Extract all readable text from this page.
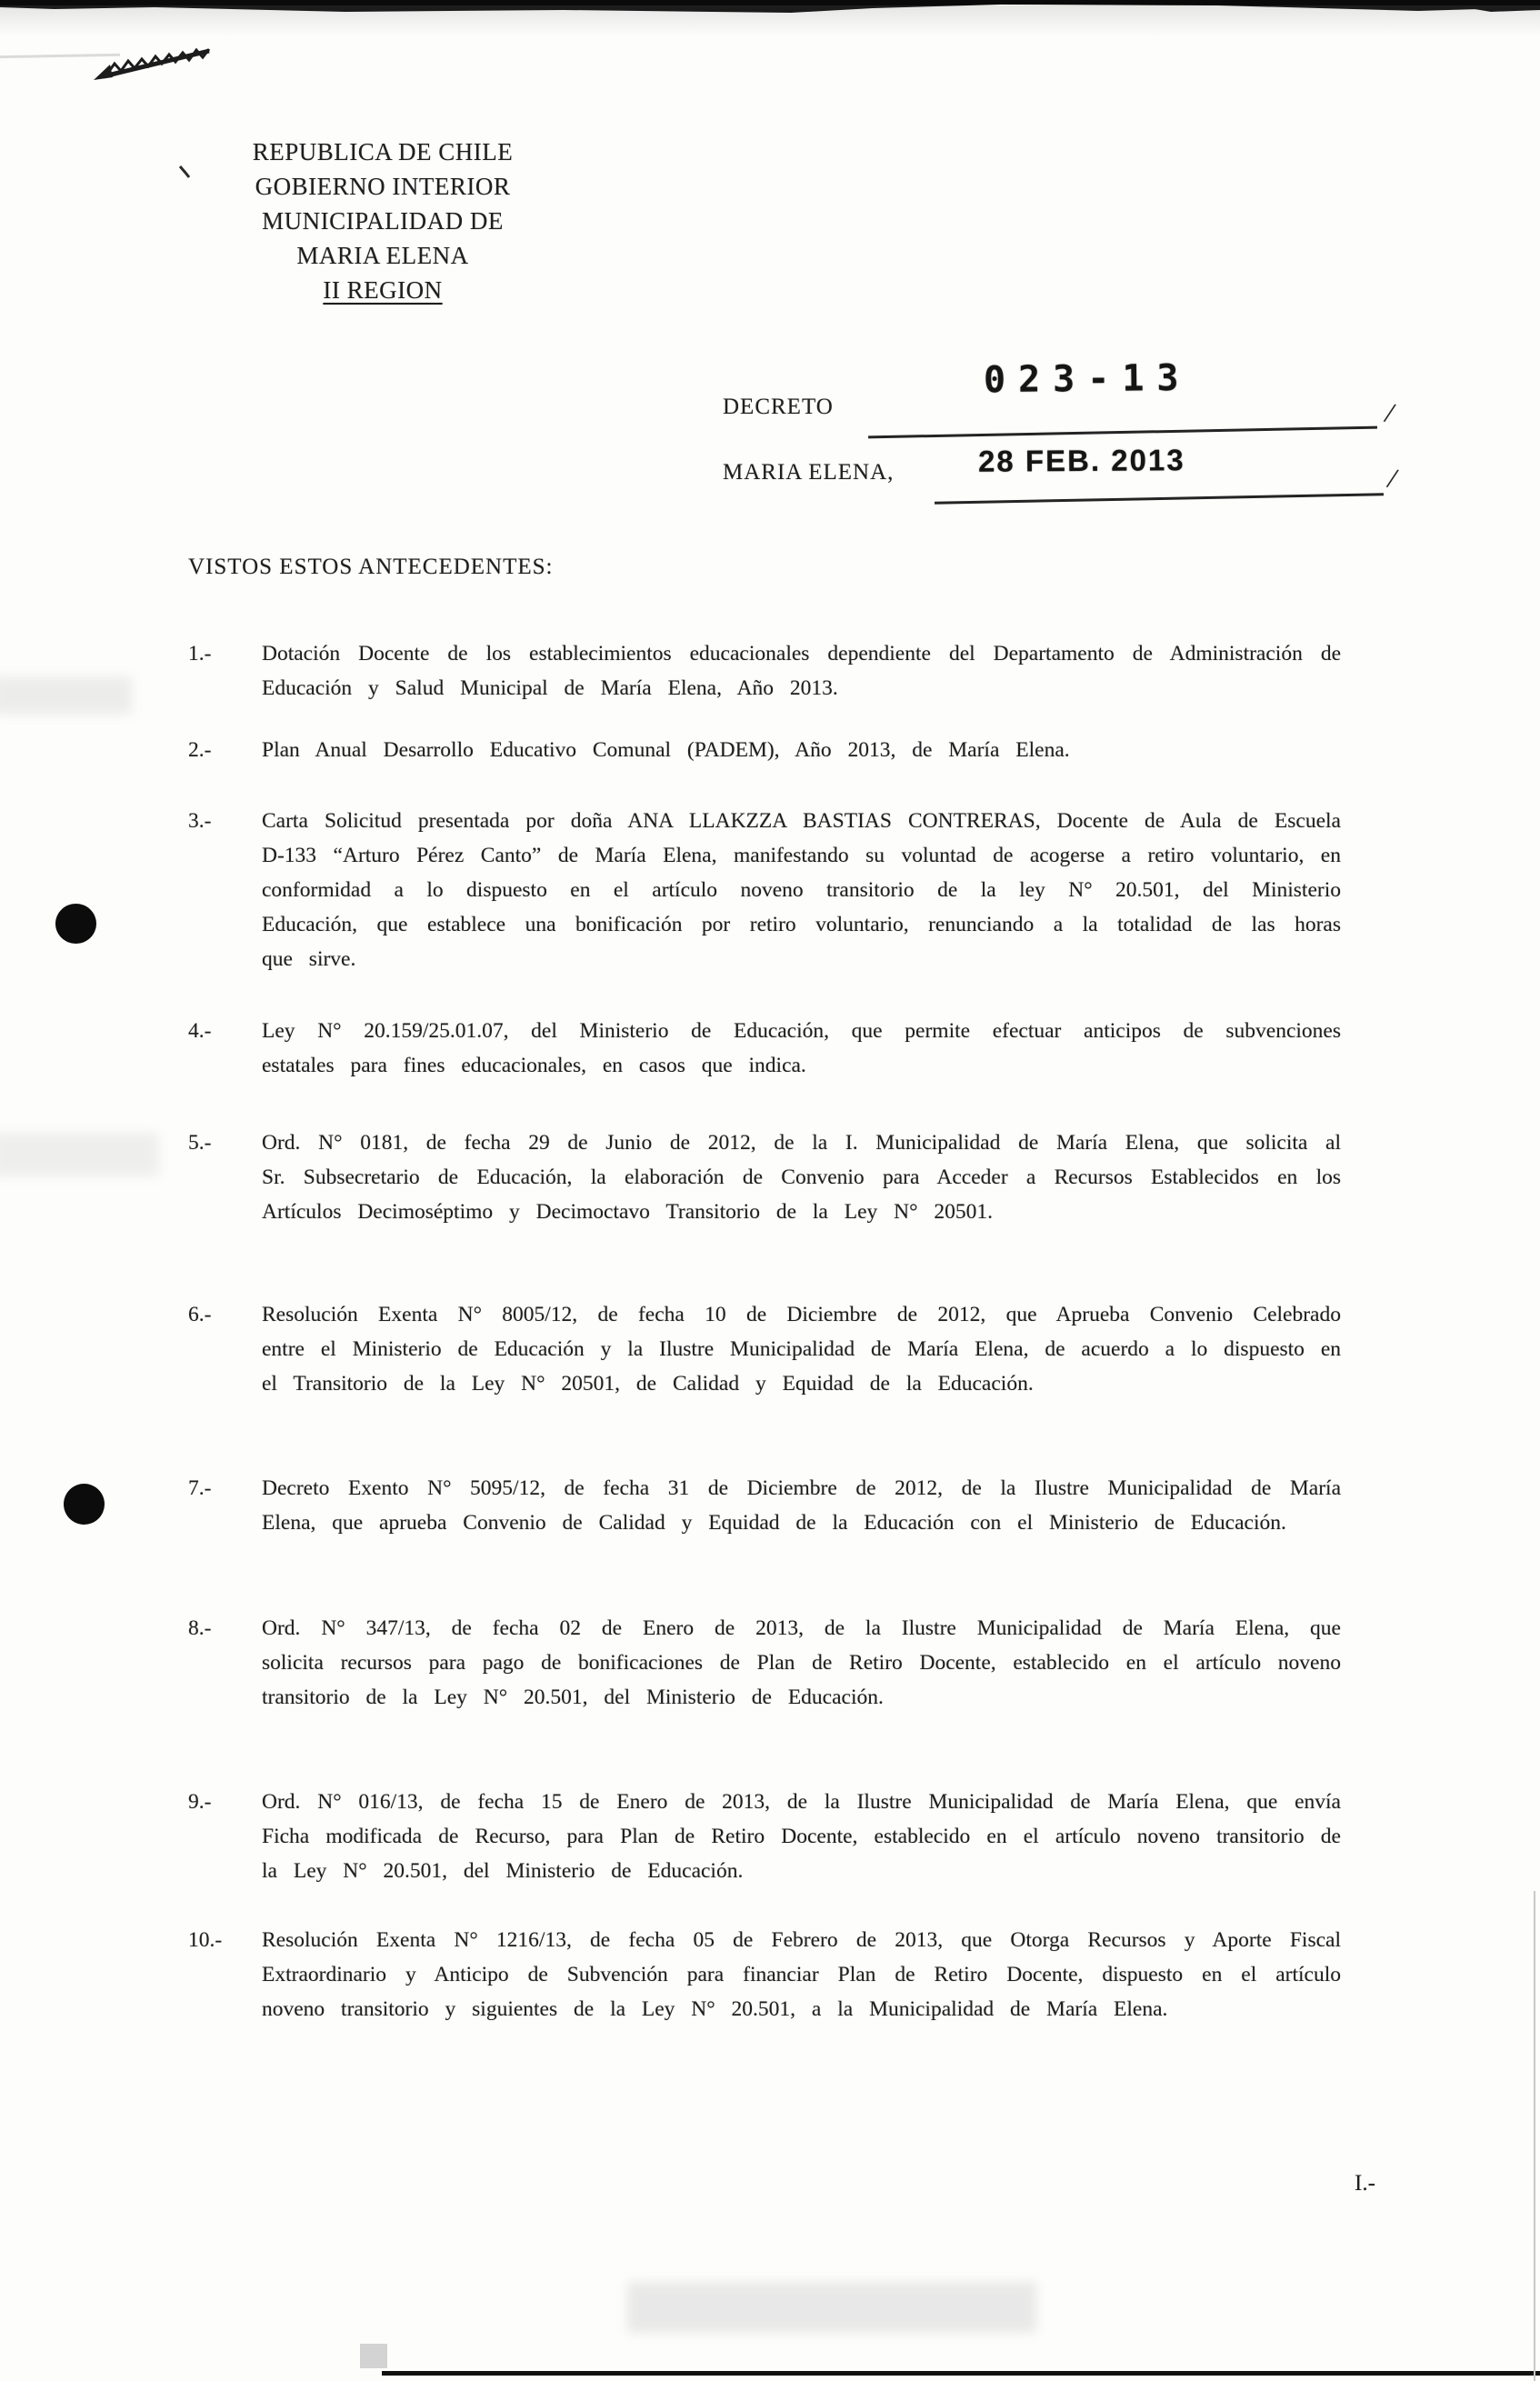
REPUBLICA DE CHILE
GOBIERNO INTERIOR
MUNICIPALIDAD DE
MARIA ELENA
II REGION
DECRETO
023-13
/
MARIA ELENA,	28 FEB. 2013
/
VISTOS ESTOS ANTECEDENTES:
1.- Dotación Docente de los establecimientos educacionales dependiente del Departamento de Administración de Educación y Salud Municipal de María Elena, Año 2013.
2.- Plan Anual Desarrollo Educativo Comunal (PADEM), Año 2013, de María Elena.
3.- Carta Solicitud presentada por doña ANA LLAKZZA BASTIAS CONTRERAS, Docente de Aula de Escuela D-133 “Arturo Pérez Canto” de María Elena, manifestando su voluntad de acogerse a retiro voluntario, en conformidad a lo dispuesto en el artículo noveno transitorio de la ley N° 20.501, del Ministerio Educación, que establece una bonificación por retiro voluntario, renunciando a la totalidad de las horas que sirve.
4.- Ley N° 20.159/25.01.07, del Ministerio de Educación, que permite efectuar anticipos de subvenciones estatales para fines educacionales, en casos que indica.
5.- Ord. N° 0181, de fecha 29 de Junio de 2012, de la I. Municipalidad de María Elena, que solicita al Sr. Subsecretario de Educación, la elaboración de Convenio para Acceder a Recursos Establecidos en los Artículos Decimoséptimo y Decimoctavo Transitorio de la Ley N° 20501.
6.- Resolución Exenta N° 8005/12, de fecha 10 de Diciembre de 2012, que Aprueba Convenio Celebrado entre el Ministerio de Educación y la Ilustre Municipalidad de María Elena, de acuerdo a lo dispuesto en el Transitorio de la Ley N° 20501, de Calidad y Equidad de la Educación.
7.- Decreto Exento N° 5095/12, de fecha 31 de Diciembre de 2012, de la Ilustre Municipalidad de María Elena, que aprueba Convenio de Calidad y Equidad de la Educación con el Ministerio de Educación.
8.- Ord. N° 347/13, de fecha 02 de Enero de 2013, de la Ilustre Municipalidad de María Elena, que solicita recursos para pago de bonificaciones de Plan de Retiro Docente, establecido en el artículo noveno transitorio de la Ley N° 20.501, del Ministerio de Educación.
9.- Ord. N° 016/13, de fecha 15 de Enero de 2013, de la Ilustre Municipalidad de María Elena, que envía Ficha modificada de Recurso, para Plan de Retiro Docente, establecido en el artículo noveno transitorio de la Ley N° 20.501, del Ministerio de Educación.
10.- Resolución Exenta N° 1216/13, de fecha 05 de Febrero de 2013, que Otorga Recursos y Aporte Fiscal Extraordinario y Anticipo de Subvención para financiar Plan de Retiro Docente, dispuesto en el artículo noveno transitorio y siguientes de la Ley N° 20.501, a la Municipalidad de María Elena.
I.-
